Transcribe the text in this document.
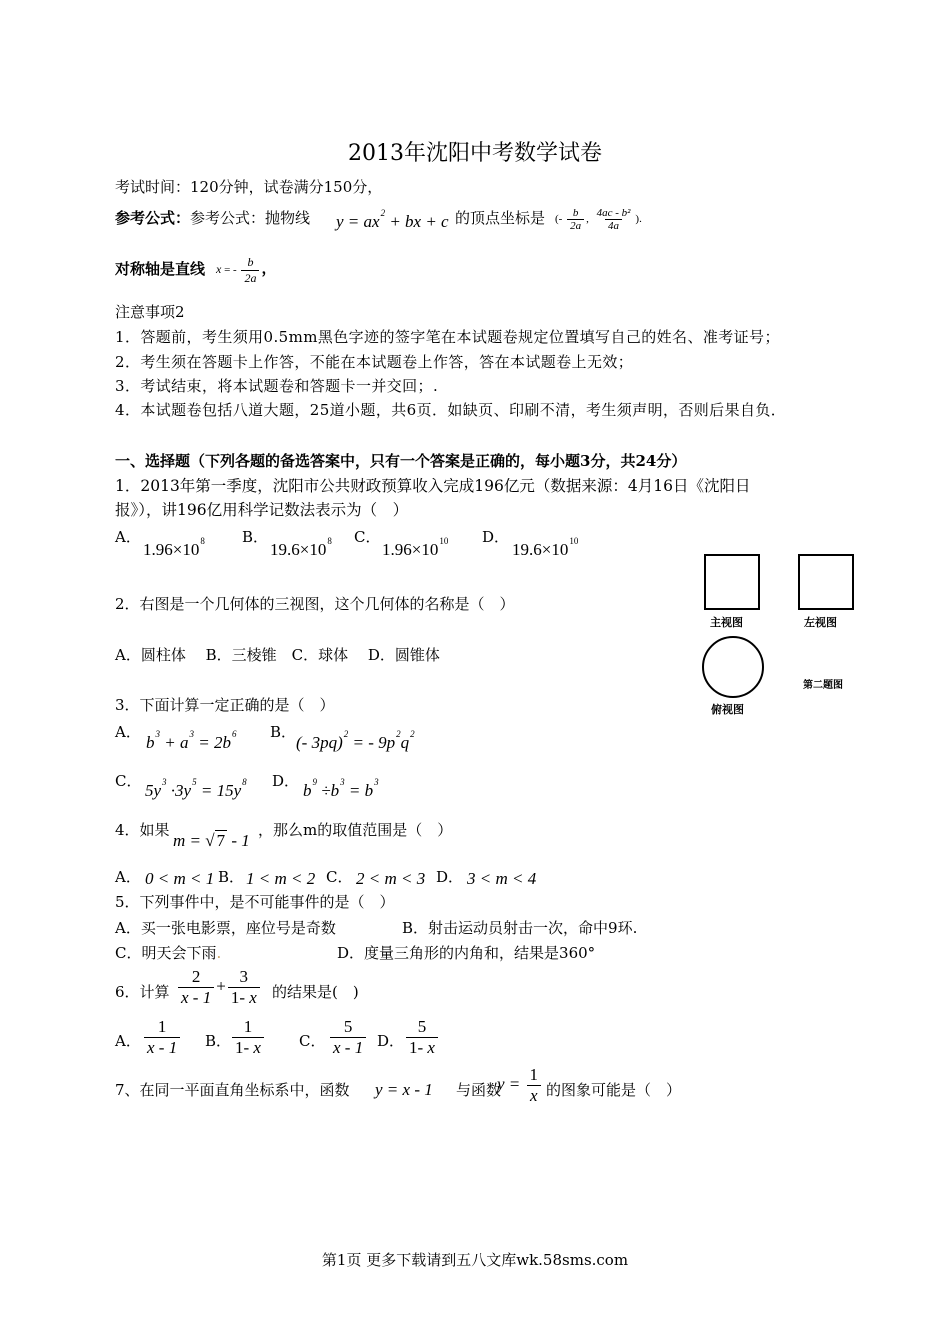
2013年沈阳中考数学试卷
考试时间：120分钟，试卷满分150分，
参考公式：参考公式：抛物线 $y = ax^2$ + bx + c 的顶点坐标是 (- $\frac{b}{2a}$ , $\frac{\text{4ac - b²}}{4a}$ ).
对称轴是直线 x = - $\frac{b}{2a}$ ，
注意事项2
1．答题前，考生须用0.5mm黑色字迹的签字笔在本试题卷规定位置填写自己的姓名、准考证号；
2．考生须在答题卡上作答，不能在本试题卷上作答，答在本试题卷上无效；
3．考试结束，将本试题卷和答题卡一并交回；.
4．本试题卷包括八道大题，25道小题，共6页．如缺页、印刷不清，考生须声明，否则后果自负．
一、选择题（下列各题的备选答案中，只有一个答案是正确的，每小题3分，共24分）
1．2013年第一季度，沈阳市公共财政预算收入完成196亿元（数据来源：4月16日《沈阳日
报》），讲196亿用科学记数法表示为（　）
A．
$1.96\times 10^8$ B．
$19.6\times 10^8$ C．
$1.96\times 10^{10}$ D．
$19.6\times 10^{10}$
主视图	左视图
第二题图
俯视图
2．右图是一个几何体的三视图，这个几何体的名称是（　）
A．圆柱体　 B．三棱锥　C．球体　 D．圆锥体
3．下面计算一定正确的是（　）
A．
$b^3 + a^3 = 2b^6$ B．
(- 3pq)$^2$ = - $9p^2q^2$
C． $5y^3 \cdot 3y^5 = 15y^8$ D． $b^9 \div b^3 = b^3$
4．如果
m = √ 7 - 1
，那么m的取值范围是（　）
A． 0 < m < 1 B． 1 < m < 2 C． 2 < m < 3 D． 3 < m < 4
5．下列事件中，是不可能事件的是（　）
A．买一张电影票，座位号是奇数	B．射击运动员射击一次，命中9环.
C．明天会下雨.	D．度量三角形的内角和，结果是360°
6．计算 $\frac{2}{x - 1} + \frac{3}{1- x}$ 的结果是(　)
A． $\frac{1}{x - 1}$ B． $\frac{1}{1- x}$ C． $\frac{5}{x - 1}$ D． $\frac{5}{1- x}$
7、在同一平面直角坐标系中，函数 y = x - 1 与函数
$y = \frac{1}{x}$ 的图象可能是（　）
第1页 更多下载请到五八文库wk.58sms.com
